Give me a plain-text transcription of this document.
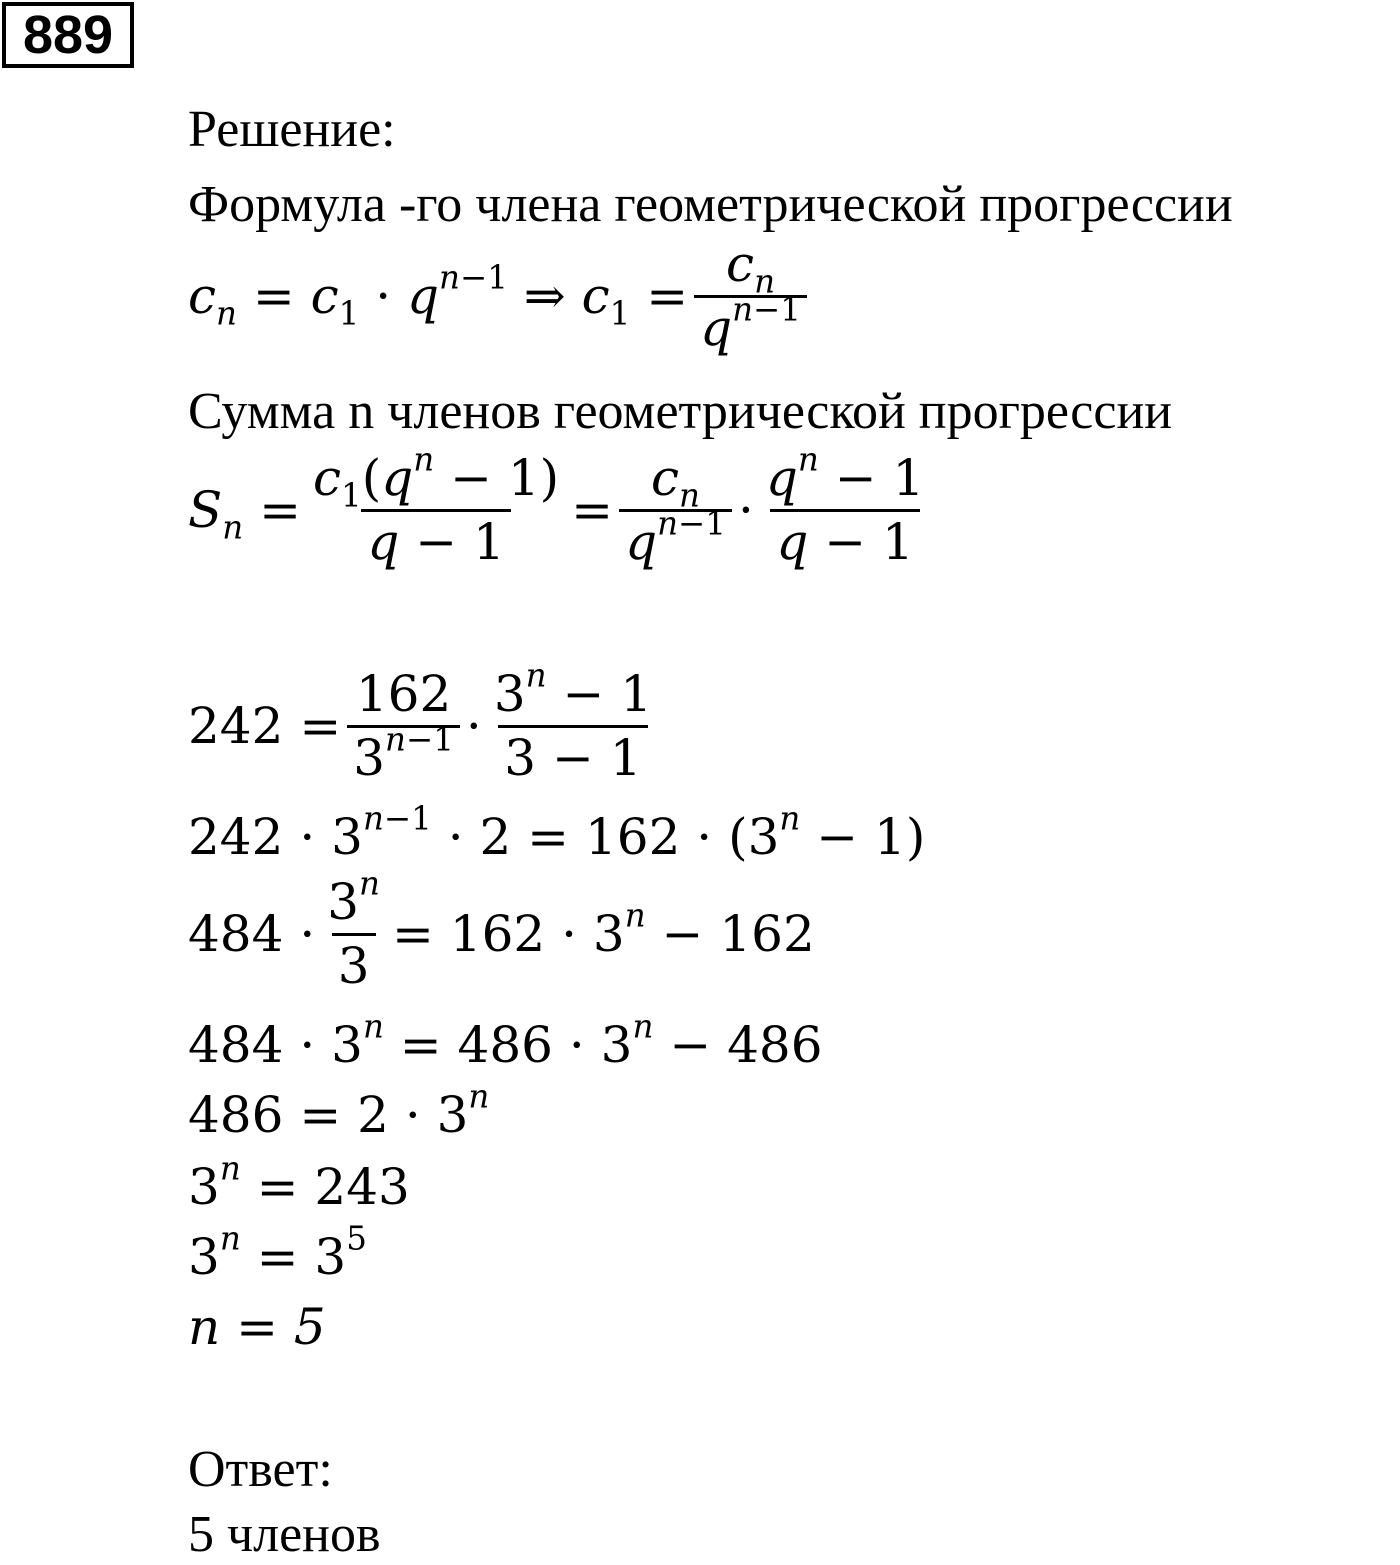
889
Решение:
Формула -го члена геометрической прогрессии
$c_n = c_1 \cdot q^{n-1}$ ⇒ $c_1 = \frac{c_n}{q^{n-1}}$
Сумма n членов геометрической прогрессии
$S_n = \frac{c_1(q^n - 1)}{q - 1} = \frac{c_n}{q^{n-1}} \cdot \frac{q^n - 1}{q - 1}$
$242 = \frac{162}{3^{n-1}} \cdot \frac{3^n - 1}{3 - 1}$
$242 \cdot 3^{n-1} \cdot 2 = 162 \cdot (3^n - 1)$
$484 \cdot \frac{3^n}{3} = 162 \cdot 3^n - 162$
$484 \cdot 3^n = 486 \cdot 3^n - 486$
$486 = 2 \cdot 3^n$
$3^n = 243$
$3^n = 3^5$
n = 5
Ответ:
5 членов
